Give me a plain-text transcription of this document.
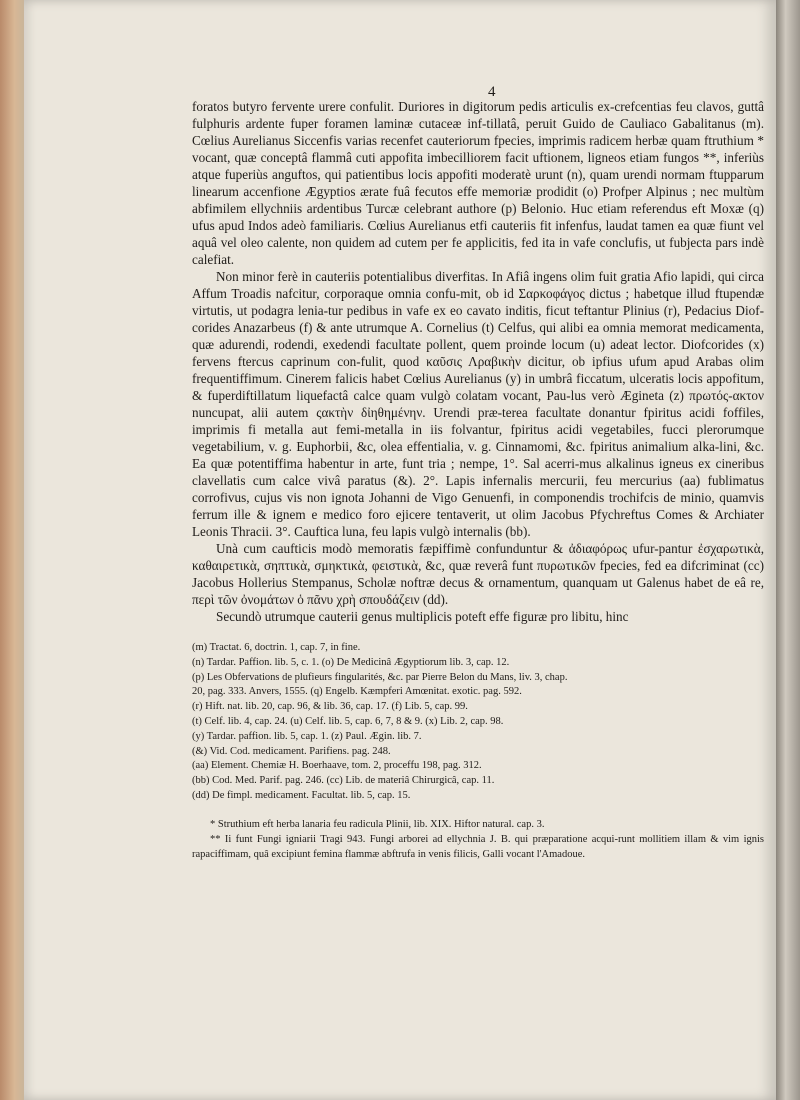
4

foratos butyro fervente urere confulit. Duriores in digitorum pedis articulis ex-crefcentias feu clavos, guttâ fulphuris ardente fuper foramen laminæ cutaceæ inf-tillatâ, peruit Guido de Cauliaco Gabalitanus (m). Cœlius Aurelianus Siccenfis varias recenfet cauteriorum fpecies, imprimis radicem herbæ quam ftruthium * vocant, quæ conceptâ flammâ cuti appofita imbecilliorem facit uftionem, ligneos etiam fungos **, inferiùs atque fuperiùs anguftos, qui patientibus locis appofiti moderatè urunt (n), quam urendi normam ftupparum linearum accenfione Ægyptios ærate fuâ fecutos effe memoriæ prodidit (o) Profper Alpinus ; nec multùm abfimilem ellychniis ardentibus Turcæ celebrant authore (p) Belonio. Huc etiam referendus eft Moxæ (q) ufus apud Indos adeò familiaris. Cœlius Aurelianus etfi cauteriis fit infenfus, laudat tamen ea quæ fiunt vel aquâ vel oleo calente, non quidem ad cutem per fe applicitis, fed ita in vafe conclufis, ut fubjecta pars indè calefiat.

Non minor ferè in cauteriis potentialibus diverfitas. In Afiâ ingens olim fuit gratia Afio lapidi, qui circa Affum Troadis nafcitur, corporaque omnia confu-mit, ob id Σαρκοφάγος dictus ; habetque illud ftupendæ virtutis, ut podagra lenia-tur pedibus in vafe ex eo cavato inditis, ficut teftantur Plinius (r), Pedacius Diof-corides Anazarbeus (f) & ante utrumque A. Cornelius (t) Celfus, qui alibi ea omnia memorat medicamenta, quæ adurendi, rodendi, exedendi facultate pollent, quem proinde locum (u) adeat lector. Diofcorides (x) fervens ftercus caprinum con-fulit, quod καῦσις Λραβικὴν dicitur, ob ipfius ufum apud Arabas olim frequentiffimum. Cinerem falicis habet Cœlius Aurelianus (y) in umbrâ ficcatum, ulceratis locis appofitum, & fuperdiftillatum liquefactâ calce quam vulgò colatam vocant, Pau-lus verò Ægineta (z) πρωτός-ακτον nuncupat, alii autem ςακτὴν δἰηθημένην. Urendi præ-terea facultate donantur fpiritus acidi foffiles, imprimis fi metalla aut femi-metalla in iis folvantur, fpiritus acidi vegetabiles, fucci plerorumque vegetabilium, v. g. Euphorbii, &c, olea effentialia, v. g. Cinnamomi, &c. fpiritus animalium alka-lini, &c. Ea quæ potentiffima habentur in arte, funt tria ; nempe, 1°. Sal acerri-mus alkalinus igneus ex cineribus clavellatis cum calce vivâ paratus (&). 2°. Lapis infernalis mercurii, feu mercurius (aa) fublimatus corrofivus, cujus vis non ignota Johanni de Vigo Genuenfi, in componendis trochifcis de minio, quamvis ferrum ille & ignem e medico foro ejicere tentaverit, ut olim Jacobus Pfychreftus Comes & Archiater Leonis Thracii. 3°. Cauftica luna, feu lapis vulgò internalis (bb).

Unà cum caufticis modò memoratis fæpiffimè confunduntur & ἀδιαφόρως ufur-pantur ἐσχαρωτικὰ, καθαιρετικὰ, σηπτικὰ, σμηκτικὰ, φειστικὰ, &c, quæ reverâ funt πυρωτικῶν fpecies, fed ea difcriminat (cc) Jacobus Hollerius Stempanus, Scholæ noftræ decus & ornamentum, quanquam ut Galenus habet de eâ re, περὶ τῶν ὀνομάτων ὁ πᾶνυ χρὴ σπουδάζειν (dd).

Secundò utrumque cauterii genus multiplicis poteft effe figuræ pro libitu, hinc

(m) Tractat. 6, doctrin. 1, cap. 7, in fine.

(n) Tardar. Paffion. lib. 5, c. 1. (o) De Medicinâ Ægyptiorum lib. 3, cap. 12.

(p) Les Obfervations de plufieurs fingularités, &c. par Pierre Belon du Mans, liv. 3, chap.

20, pag. 333. Anvers, 1555. (q) Engelb. Kæmpferi Amœnitat. exotic. pag. 592.

(r) Hift. nat. lib. 20, cap. 96, & lib. 36, cap. 17. (f) Lib. 5, cap. 99.

(t) Celf. lib. 4, cap. 24. (u) Celf. lib. 5, cap. 6, 7, 8 & 9. (x) Lib. 2, cap. 98.

(y) Tardar. paffion. lib. 5, cap. 1. (z) Paul. Ægin. lib. 7.

(&) Vid. Cod. medicament. Parifiens. pag. 248.

(aa) Element. Chemiæ H. Boerhaave, tom. 2, proceffu 198, pag. 312.

(bb) Cod. Med. Parif. pag. 246. (cc) Lib. de materiâ Chirurgicâ, cap. 11.

(dd) De fimpl. medicament. Facultat. lib. 5, cap. 15.

* Struthium eft herba lanaria feu radicula Plinii, lib. XIX. Hiftor natural. cap. 3.

** Ii funt Fungi igniarii Tragi 943. Fungi arborei ad ellychnia J. B. qui præparatione acqui-runt mollitiem illam & vim ignis rapaciffimam, quâ excipiunt femina flammæ abftrufa in venis filicis, Galli vocant l'Amadoue.
